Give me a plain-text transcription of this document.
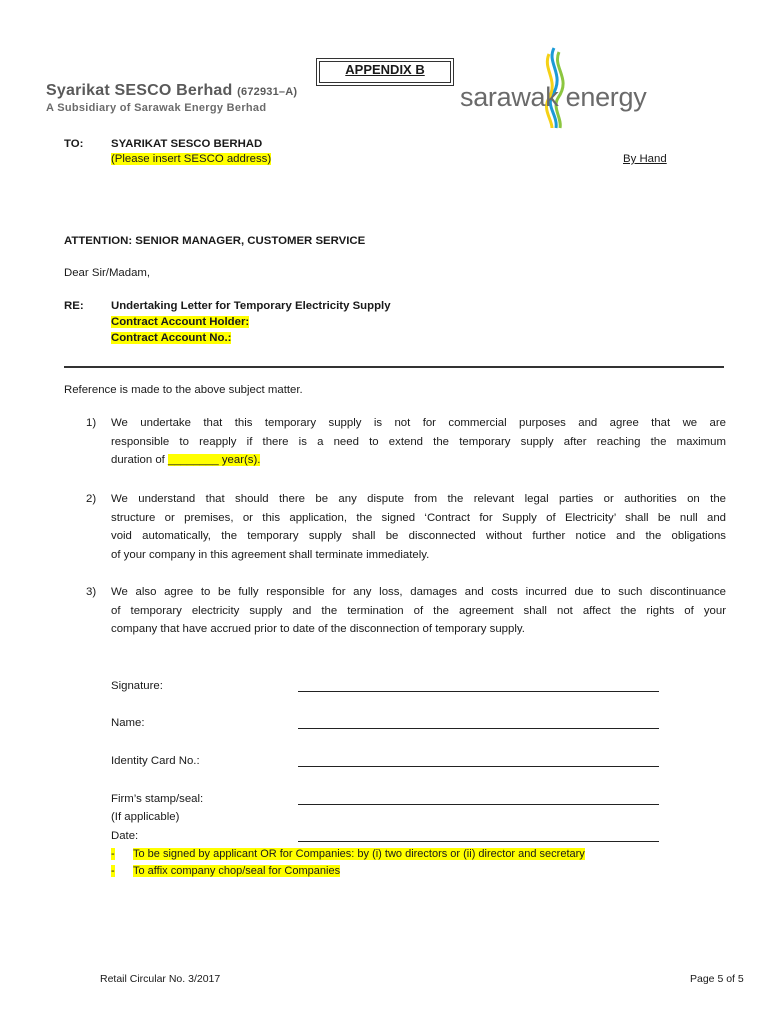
APPENDIX B
Syarikat SESCO Berhad (672931–A)
A Subsidiary of Sarawak Energy Berhad	sarawak energy
TO: SYARIKAT SESCO BERHAD
(Please insert SESCO address)	By Hand
ATTENTION: SENIOR MANAGER, CUSTOMER SERVICE
Dear Sir/Madam,
RE: Undertaking Letter for Temporary Electricity Supply
Contract Account Holder:
Contract Account No.:
Reference is made to the above subject matter.
1) We undertake that this temporary supply is not for commercial purposes and agree that we are
responsible to reapply if there is a need to extend the temporary supply after reaching the maximum
duration of ________ year(s).
2) We understand that should there be any dispute from the relevant legal parties or authorities on the
structure or premises, or this application, the signed ‘Contract for Supply of Electricity’ shall be null and
void automatically, the temporary supply shall be disconnected without further notice and the obligations
of your company in this agreement shall terminate immediately.
3) We also agree to be fully responsible for any loss, damages and costs incurred due to such discontinuance
of temporary electricity supply and the termination of the agreement shall not affect the rights of your
company that have accrued prior to date of the disconnection of temporary supply.
Signature:
Name:
Identity Card No.:
Firm’s stamp/seal:
(If applicable)
Date:
- To be signed by applicant OR for Companies: by (i) two directors or (ii) director and secretary
- To affix company chop/seal for Companies
Retail Circular No. 3/2017	Page 5 of 5
